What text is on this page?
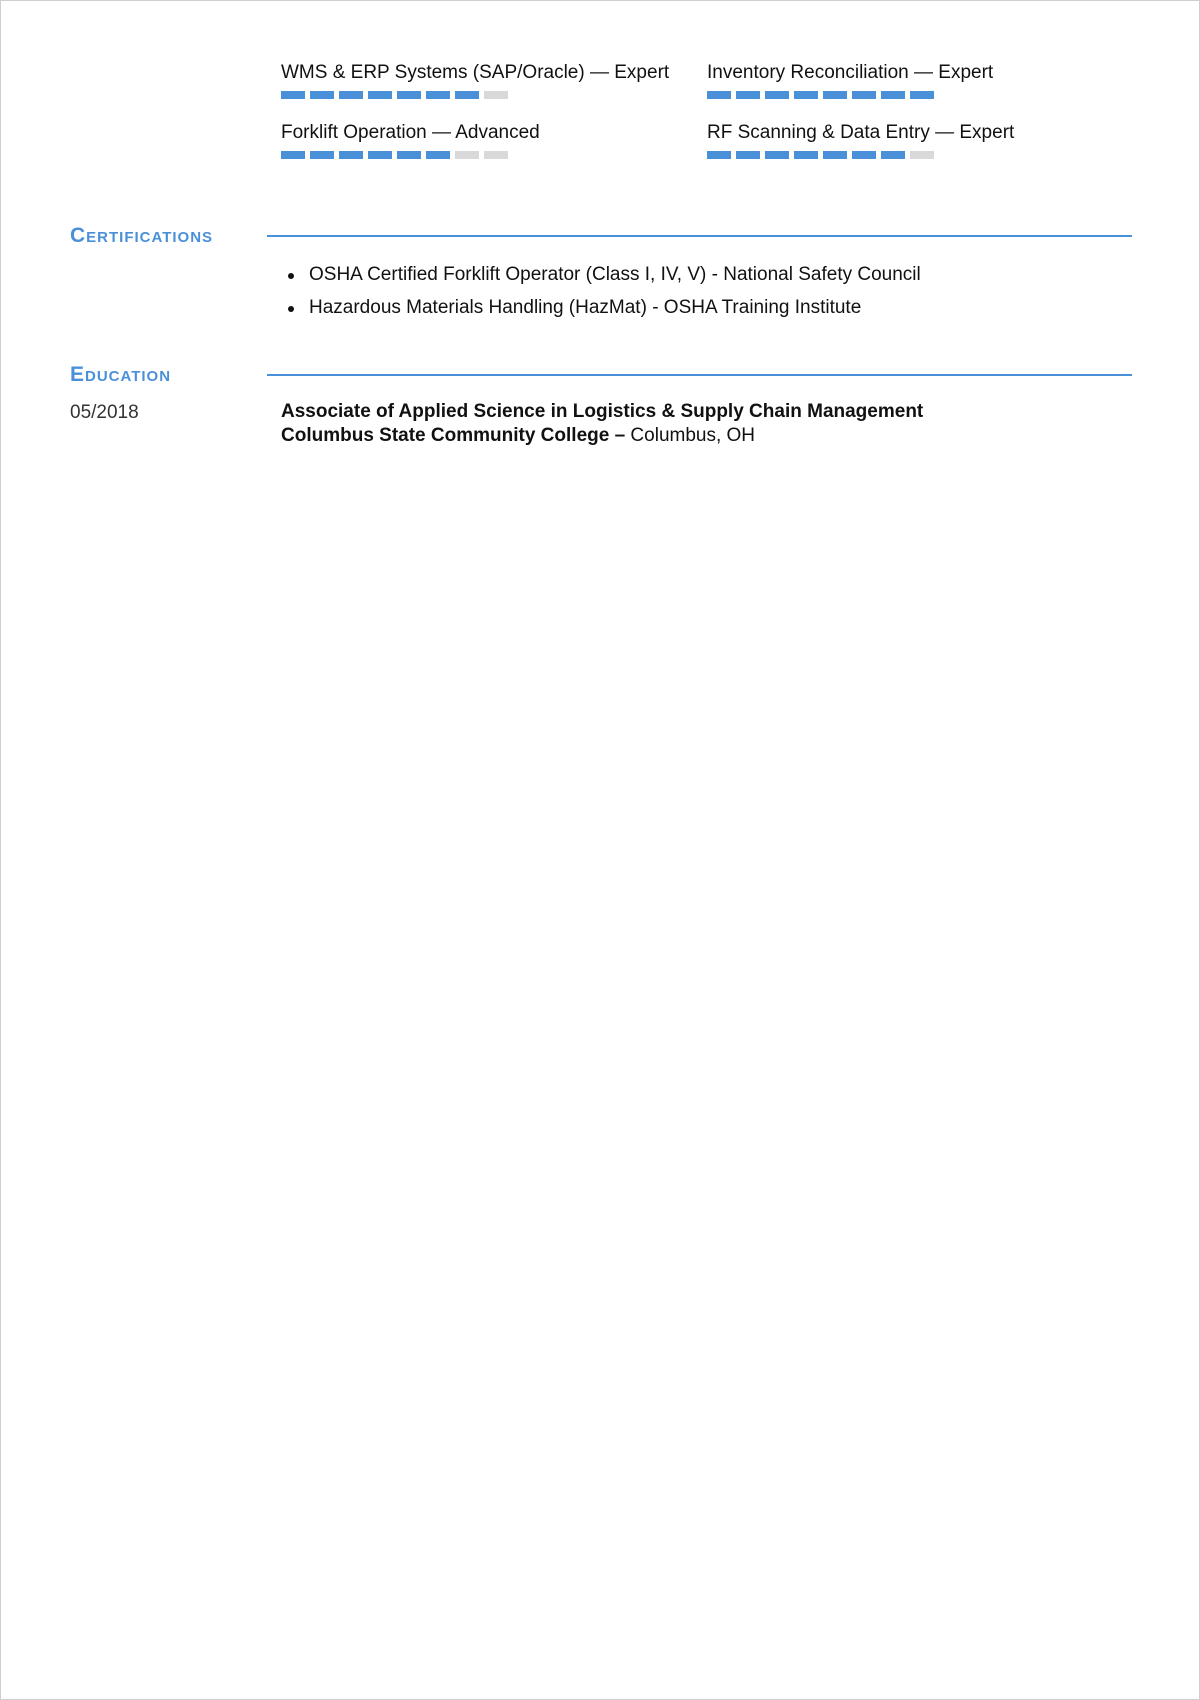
WMS & ERP Systems (SAP/Oracle) — Expert	Inventory Reconciliation — Expert
Forklift Operation — Advanced	RF Scanning & Data Entry — Expert
Certifications
OSHA Certified Forklift Operator (Class I, IV, V) - National Safety Council
Hazardous Materials Handling (HazMat) - OSHA Training Institute
Education
05/2018	Associate of Applied Science in Logistics & Supply Chain Management
Columbus State Community College – Columbus, OH
